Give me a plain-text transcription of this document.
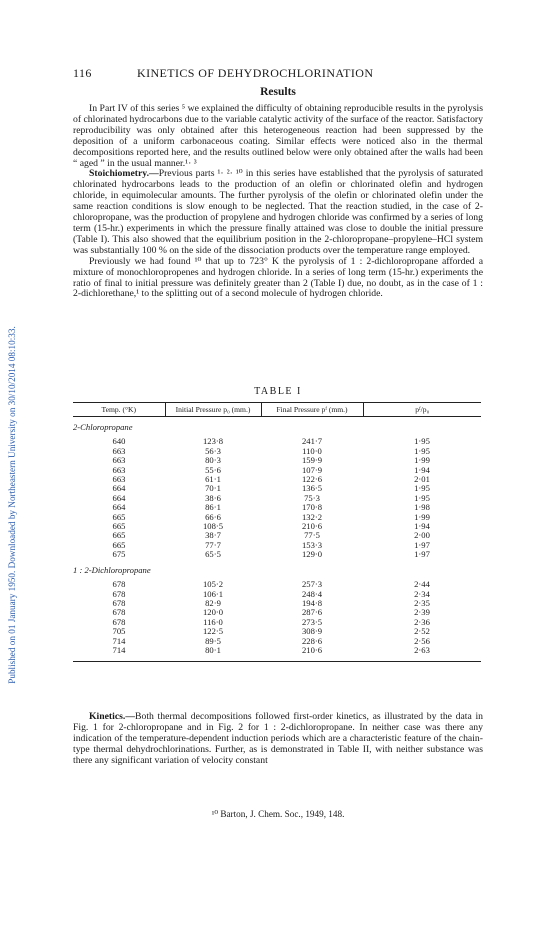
Published on 01 January 1950. Downloaded by Northeastern University on 30/10/2014 08:10:33.
116	KINETICS OF DEHYDROCHLORINATION
Results

In Part IV of this series ⁵ we explained the difficulty of obtaining reproducible results in the pyrolysis of chlorinated hydrocarbons due to the variable catalytic activity of the surface of the reactor. Satisfactory reproducibility was only obtained after this heterogeneous reaction had been suppressed by the deposition of a uniform carbonaceous coating. Similar effects were noticed also in the thermal decompositions reported here, and the results outlined below were only obtained after the walls had been “ aged ” in the usual manner.¹· ³

Stoichiometry.—Previous parts ¹· ²· ¹⁰ in this series have established that the pyrolysis of saturated chlorinated hydrocarbons leads to the production of an olefin or chlorinated olefin and hydrogen chloride, in equimolecular amounts. The further pyrolysis of the olefin or chlorinated olefin under the same reaction conditions is slow enough to be neglected. That the reaction studied, in the case of 2-chloropropane, was the production of propylene and hydrogen chloride was confirmed by a series of long term (15-hr.) experiments in which the pressure finally attained was close to double the initial pressure (Table I). This also showed that the equilibrium position in the 2-chloropropane–propylene–HCl system was substantially 100 % on the side of the dissociation products over the temperature range employed.

Previously we had found ¹⁰ that up to 723° K the pyrolysis of 1 : 2-dichloropropane afforded a mixture of monochloropropenes and hydrogen chloride. In a series of long term (15-hr.) experiments the ratio of final to initial pressure was definitely greater than 2 (Table I) due, no doubt, as in the case of 1 : 2-dichlorethane,¹ to the splitting out of a second molecule of hydrogen chloride.

TABLE I
Temp. (°K)	Initial Pressure p₀ (mm.)	Final Pressure pᶠ (mm.)	pᶠ/p₀
2-Chloropropane			
640	123·8	241·7	1·95
663	56·3	110·0	1·95
663	80·3	159·9	1·99
663	55·6	107·9	1·94
663	61·1	122·6	2·01
664	70·1	136·5	1·95
664	38·6	75·3	1·95
664	86·1	170·8	1·98
665	66·6	132·2	1·99
665	108·5	210·6	1·94
665	38·7	77·5	2·00
665	77·7	153·3	1·97
675	65·5	129·0	1·97
1 : 2-Dichloropropane			
678	105·2	257·3	2·44
678	106·1	248·4	2·34
678	82·9	194·8	2·35
678	120·0	287·6	2·39
678	116·0	273·5	2·36
705	122·5	308·9	2·52
714	89·5	228·6	2·56
714	80·1	210·6	2·63

Kinetics.—Both thermal decompositions followed first-order kinetics, as illustrated by the data in Fig. 1 for 2-chloropropane and in Fig. 2 for 1 : 2-dichloropropane. In neither case was there any indication of the temperature-dependent induction periods which are a characteristic feature of the chain-type thermal dehydrochlorinations. Further, as is demonstrated in Table II, with neither substance was there any significant variation of velocity constant

¹⁰ Barton, J. Chem. Soc., 1949, 148.
